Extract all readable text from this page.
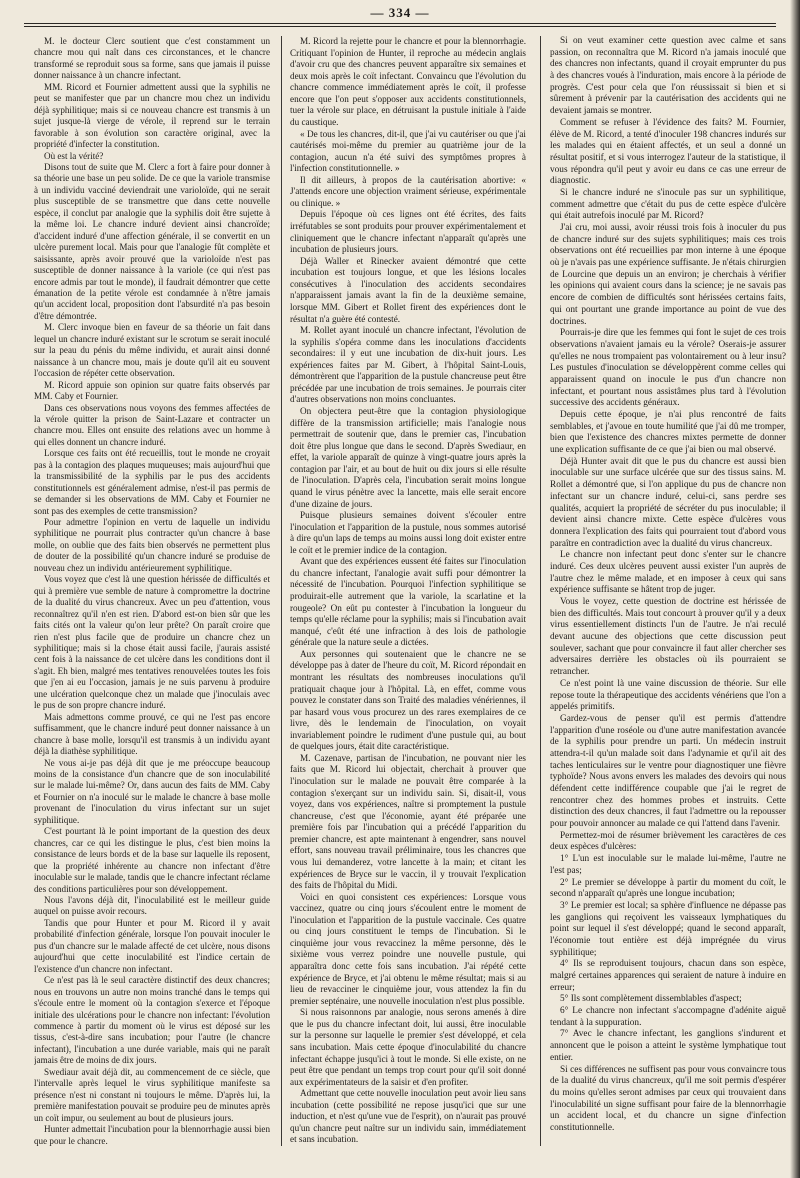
— 334 —

M. le docteur Clerc soutient que c'est constamment un chancre mou qui naît dans ces circonstances, et le chancre transformé se reproduit sous sa forme, sans que jamais il puisse donner naissance à un chancre infectant.

MM. Ricord et Fournier admettent aussi que la syphilis ne peut se manifester que par un chancre mou chez un individu déjà syphilitique; mais si ce nouveau chancre est transmis à un sujet jusque-là vierge de vérole, il reprend sur le terrain favorable à son évolution son caractère original, avec la propriété d'infecter la constitution.

Où est la vérité?

Disons tout de suite que M. Clerc a fort à faire pour donner à sa théorie une base un peu solide. De ce que la variole transmise à un individu vacciné deviendrait une varioloïde, qui ne serait plus susceptible de se transmettre que dans cette nouvelle espèce, il conclut par analogie que la syphilis doit être sujette à la même loi. Le chancre induré devient ainsi chancroïde; d'accident induré d'une affection générale, il se convertit en un ulcère purement local. Mais pour que l'analogie fût complète et saisissante, après avoir prouvé que la varioloïde n'est pas susceptible de donner naissance à la variole (ce qui n'est pas encore admis par tout le monde), il faudrait démontrer que cette émanation de la petite vérole est condamnée à n'être jamais qu'un accident local, proposition dont l'absurdité n'a pas besoin d'être démontrée.

M. Clerc invoque bien en faveur de sa théorie un fait dans lequel un chancre induré existant sur le scrotum se serait inoculé sur la peau du pénis du même individu, et aurait ainsi donné naissance à un chancre mou, mais je doute qu'il ait eu souvent l'occasion de répéter cette observation.

M. Ricord appuie son opinion sur quatre faits observés par MM. Caby et Fournier.

Dans ces observations nous voyons des femmes affectées de la vérole quitter la prison de Saint-Lazare et contracter un chancre mou. Elles ont ensuite des relations avec un homme à qui elles donnent un chancre induré.

Lorsque ces faits ont été recueillis, tout le monde ne croyait pas à la contagion des plaques muqueuses; mais aujourd'hui que la transmissibilité de la syphilis par le pus des accidents constitutionnels est généralement admise, n'est-il pas permis de se demander si les observations de MM. Caby et Fournier ne sont pas des exemples de cette transmission?

Pour admettre l'opinion en vertu de laquelle un individu syphilitique ne pourrait plus contracter qu'un chancre à base molle, on oublie que des faits bien observés ne permettent plus de douter de la possibilité qu'un chancre induré se produise de nouveau chez un individu antérieurement syphilitique.

Vous voyez que c'est là une question hérissée de difficultés et qui à première vue semble de nature à compromettre la doctrine de la dualité du virus chancreux. Avec un peu d'attention, vous reconnaîtrez qu'il n'en est rien. D'abord est-on bien sûr que les faits cités ont la valeur qu'on leur prête? On paraît croire que rien n'est plus facile que de produire un chancre chez un syphilitique; mais si la chose était aussi facile, j'aurais assisté cent fois à la naissance de cet ulcère dans les conditions dont il s'agit. Eh bien, malgré mes tentatives renouvelées toutes les fois que j'en ai eu l'occasion, jamais je ne suis parvenu à produire une ulcération quelconque chez un malade que j'inoculais avec le pus de son propre chancre induré.

Mais admettons comme prouvé, ce qui ne l'est pas encore suffisamment, que le chancre induré peut donner naissance à un chancre à base molle, lorsqu'il est transmis à un individu ayant déjà la diathèse syphilitique.

Ne vous ai-je pas déjà dit que je me préoccupe beaucoup moins de la consistance d'un chancre que de son inoculabilité sur le malade lui-même? Or, dans aucun des faits de MM. Caby et Fournier on n'a inoculé sur le malade le chancre à base molle provenant de l'inoculation du virus infectant sur un sujet syphilitique.

C'est pourtant là le point important de la question des deux chancres, car ce qui les distingue le plus, c'est bien moins la consistance de leurs bords et de la base sur laquelle ils reposent, que la propriété inhérente au chancre non infectant d'être inoculable sur le malade, tandis que le chancre infectant réclame des conditions particulières pour son développement.

Nous l'avons déjà dit, l'inoculabilité est le meilleur guide auquel on puisse avoir recours.

Tandis que pour Hunter et pour M. Ricord il y avait probabilité d'infection générale, lorsque l'on pouvait inoculer le pus d'un chancre sur le malade affecté de cet ulcère, nous disons aujourd'hui que cette inoculabilité est l'indice certain de l'existence d'un chancre non infectant.

Ce n'est pas là le seul caractère distinctif des deux chancres; nous en trouvons un autre non moins tranché dans le temps qui s'écoule entre le moment où la contagion s'exerce et l'époque initiale des ulcérations pour le chancre non infectant: l'évolution commence à partir du moment où le virus est déposé sur les tissus, c'est-à-dire sans incubation; pour l'autre (le chancre infectant), l'incubation a une durée variable, mais qui ne paraît jamais être de moins de dix jours.

Swediaur avait déjà dit, au commencement de ce siècle, que l'intervalle après lequel le virus syphilitique manifeste sa présence n'est ni constant ni toujours le même. D'après lui, la première manifestation pouvait se produire peu de minutes après un coït impur, ou seulement au bout de plusieurs jours.

Hunter admettait l'incubation pour la blennorrhagie aussi bien que pour le chancre.

M. Ricord la rejette pour le chancre et pour la blennorrhagie. Critiquant l'opinion de Hunter, il reproche au médecin anglais d'avoir cru que des chancres peuvent apparaître six semaines et deux mois après le coït infectant. Convaincu que l'évolution du chancre commence immédiatement après le coït, il professe encore que l'on peut s'opposer aux accidents constitutionnels, tuer la vérole sur place, en détruisant la pustule initiale à l'aide du caustique.

« De tous les chancres, dit-il, que j'ai vu cautériser ou que j'ai cautérisés moi-même du premier au quatrième jour de la contagion, aucun n'a été suivi des symptômes propres à l'infection constitutionnelle. »

Il dit ailleurs, à propos de la cautérisation abortive: « J'attends encore une objection vraiment sérieuse, expérimentale ou clinique. »

Depuis l'époque où ces lignes ont été écrites, des faits irréfutables se sont produits pour prouver expérimentalement et cliniquement que le chancre infectant n'apparaît qu'après une incubation de plusieurs jours.

Déjà Waller et Rinecker avaient démontré que cette incubation est toujours longue, et que les lésions locales consécutives à l'inoculation des accidents secondaires n'apparaissent jamais avant la fin de la deuxième semaine, lorsque MM. Gibert et Rollet firent des expériences dont le résultat n'a guère été contesté.

M. Rollet ayant inoculé un chancre infectant, l'évolution de la syphilis s'opéra comme dans les inoculations d'accidents secondaires: il y eut une incubation de dix-huit jours. Les expériences faites par M. Gibert, à l'hôpital Saint-Louis, démontrèrent que l'apparition de la pustule chancreuse peut être précédée par une incubation de trois semaines. Je pourrais citer d'autres observations non moins concluantes.

On objectera peut-être que la contagion physiologique diffère de la transmission artificielle; mais l'analogie nous permettrait de soutenir que, dans le premier cas, l'incubation doit être plus longue que dans le second. D'après Swediaur, en effet, la variole apparaît de quinze à vingt-quatre jours après la contagion par l'air, et au bout de huit ou dix jours si elle résulte de l'inoculation. D'après cela, l'incubation serait moins longue quand le virus pénètre avec la lancette, mais elle serait encore d'une dizaine de jours.

Puisque plusieurs semaines doivent s'écouler entre l'inoculation et l'apparition de la pustule, nous sommes autorisé à dire qu'un laps de temps au moins aussi long doit exister entre le coït et le premier indice de la contagion.

Avant que des expériences eussent été faites sur l'inoculation du chancre infectant, l'analogie avait suffi pour démontrer la nécessité de l'incubation. Pourquoi l'infection syphilitique se produirait-elle autrement que la variole, la scarlatine et la rougeole? On eût pu contester à l'incubation la longueur du temps qu'elle réclame pour la syphilis; mais si l'incubation avait manqué, c'eût été une infraction à des lois de pathologie générale que la nature seule a dictées.

Aux personnes qui soutenaient que le chancre ne se développe pas à dater de l'heure du coït, M. Ricord répondait en montrant les résultats des nombreuses inoculations qu'il pratiquait chaque jour à l'hôpital. Là, en effet, comme vous pouvez le constater dans son Traité des maladies vénériennes, il par hasard vous vous procurez un des rares exemplaires de ce livre, dès le lendemain de l'inoculation, on voyait invariablement poindre le rudiment d'une pustule qui, au bout de quelques jours, était dite caractéristique.

M. Cazenave, partisan de l'incubation, ne pouvant nier les faits que M. Ricord lui objectait, cherchait à prouver que l'inoculation sur le malade ne pouvait être comparée à la contagion s'exerçant sur un individu sain. Si, disait-il, vous voyez, dans vos expériences, naître si promptement la pustule chancreuse, c'est que l'économie, ayant été préparée une première fois par l'incubation qui a précédé l'apparition du premier chancre, est apte maintenant à engendrer, sans nouvel effort, sans nouveau travail préliminaire, tous les chancres que vous lui demanderez, votre lancette à la main; et citant les expériences de Bryce sur le vaccin, il y trouvait l'explication des faits de l'hôpital du Midi.

Voici en quoi consistent ces expériences: Lorsque vous vaccinez, quatre ou cinq jours s'écoulent entre le moment de l'inoculation et l'apparition de la pustule vaccinale. Ces quatre ou cinq jours constituent le temps de l'incubation. Si le cinquième jour vous revaccinez la même personne, dès le sixième vous verrez poindre une nouvelle pustule, qui apparaîtra donc cette fois sans incubation. J'ai répété cette expérience de Bryce, et j'ai obtenu le même résultat; mais si au lieu de revacciner le cinquième jour, vous attendez la fin du premier septénaire, une nouvelle inoculation n'est plus possible.

Si nous raisonnons par analogie, nous serons amenés à dire que le pus du chancre infectant doit, lui aussi, être inoculable sur la personne sur laquelle le premier s'est développé, et cela sans incubation. Mais cette époque d'inoculabilité du chancre infectant échappe jusqu'ici à tout le monde. Si elle existe, on ne peut être que pendant un temps trop court pour qu'il soit donné aux expérimentateurs de la saisir et d'en profiter.

Admettant que cette nouvelle inoculation peut avoir lieu sans incubation (cette possibilité ne repose jusqu'ici que sur une induction, et n'est qu'une vue de l'esprit), on n'aurait pas prouvé qu'un chancre peut naître sur un individu sain, immédiatement et sans incubation.

Si on veut examiner cette question avec calme et sans passion, on reconnaîtra que M. Ricord n'a jamais inoculé que des chancres non infectants, quand il croyait emprunter du pus à des chancres voués à l'induration, mais encore à la période de progrès. C'est pour cela que l'on réussissait si bien et si sûrement à prévenir par la cautérisation des accidents qui ne devaient jamais se montrer.

Comment se refuser à l'évidence des faits? M. Fournier, élève de M. Ricord, a tenté d'inoculer 198 chancres indurés sur les malades qui en étaient affectés, et un seul a donné un résultat positif, et si vous interrogez l'auteur de la statistique, il vous répondra qu'il peut y avoir eu dans ce cas une erreur de diagnostic.

Si le chancre induré ne s'inocule pas sur un syphilitique, comment admettre que c'était du pus de cette espèce d'ulcère qui était autrefois inoculé par M. Ricord?

J'ai cru, moi aussi, avoir réussi trois fois à inoculer du pus de chancre induré sur des sujets syphilitiques; mais ces trois observations ont été recueillies par mon interne à une époque où je n'avais pas une expérience suffisante. Je n'étais chirurgien de Lourcine que depuis un an environ; je cherchais à vérifier les opinions qui avaient cours dans la science; je ne savais pas encore de combien de difficultés sont hérissées certains faits, qui ont pourtant une grande importance au point de vue des doctrines.

Pourrais-je dire que les femmes qui font le sujet de ces trois observations n'avaient jamais eu la vérole? Oserais-je assurer qu'elles ne nous trompaient pas volontairement ou à leur insu? Les pustules d'inoculation se développèrent comme celles qui apparaissent quand on inocule le pus d'un chancre non infectant, et pourtant nous assistâmes plus tard à l'évolution successive des accidents généraux.

Depuis cette époque, je n'ai plus rencontré de faits semblables, et j'avoue en toute humilité que j'ai dû me tromper, bien que l'existence des chancres mixtes permette de donner une explication suffisante de ce que j'ai bien ou mal observé.

Déjà Hunter avait dit que le pus du chancre est aussi bien inoculable sur une surface ulcérée que sur des tissus sains. M. Rollet a démontré que, si l'on applique du pus de chancre non infectant sur un chancre induré, celui-ci, sans perdre ses qualités, acquiert la propriété de sécréter du pus inoculable; il devient ainsi chancre mixte. Cette espèce d'ulcères vous donnera l'explication des faits qui pourraient tout d'abord vous paraître en contradiction avec la dualité du virus chancreux.

Le chancre non infectant peut donc s'enter sur le chancre induré. Ces deux ulcères peuvent aussi exister l'un auprès de l'autre chez le même malade, et en imposer à ceux qui sans expérience suffisante se hâtent trop de juger.

Vous le voyez, cette question de doctrine est hérissée de bien des difficultés. Mais tout concourt à prouver qu'il y a deux virus essentiellement distincts l'un de l'autre. Je n'ai reculé devant aucune des objections que cette discussion peut soulever, sachant que pour convaincre il faut aller chercher ses adversaires derrière les obstacles où ils pourraient se retrancher.

Ce n'est point là une vaine discussion de théorie. Sur elle repose toute la thérapeutique des accidents vénériens que l'on a appelés primitifs.

Gardez-vous de penser qu'il est permis d'attendre l'apparition d'une roséole ou d'une autre manifestation avancée de la syphilis pour prendre un parti. Un médecin instruit attendra-t-il qu'un malade soit dans l'adynamie et qu'il ait des taches lenticulaires sur le ventre pour diagnostiquer une fièvre typhoïde? Nous avons envers les malades des devoirs qui nous défendent cette indifférence coupable que j'ai le regret de rencontrer chez des hommes probes et instruits. Cette distinction des deux chancres, il faut l'admettre ou la repousser pour pouvoir annoncer au malade ce qui l'attend dans l'avenir.

Permettez-moi de résumer brièvement les caractères de ces deux espèces d'ulcères:

1° L'un est inoculable sur le malade lui-même, l'autre ne l'est pas;

2° Le premier se développe à partir du moment du coït, le second n'apparaît qu'après une longue incubation;

3° Le premier est local; sa sphère d'influence ne dépasse pas les ganglions qui reçoivent les vaisseaux lymphatiques du point sur lequel il s'est développé; quand le second apparaît, l'économie tout entière est déjà imprégnée du virus syphilitique;

4° Ils se reproduisent toujours, chacun dans son espèce, malgré certaines apparences qui seraient de nature à induire en erreur;

5° Ils sont complètement dissemblables d'aspect;

6° Le chancre non infectant s'accompagne d'adénite aiguë tendant à la suppuration.

7° Avec le chancre infectant, les ganglions s'indurent et annoncent que le poison a atteint le système lymphatique tout entier.

Si ces différences ne suffisent pas pour vous convaincre tous de la dualité du virus chancreux, qu'il me soit permis d'espérer du moins qu'elles seront admises par ceux qui trouvaient dans l'inoculabilité un signe suffisant pour faire de la blennorrhagie un accident local, et du chancre un signe d'infection constitutionnelle.
